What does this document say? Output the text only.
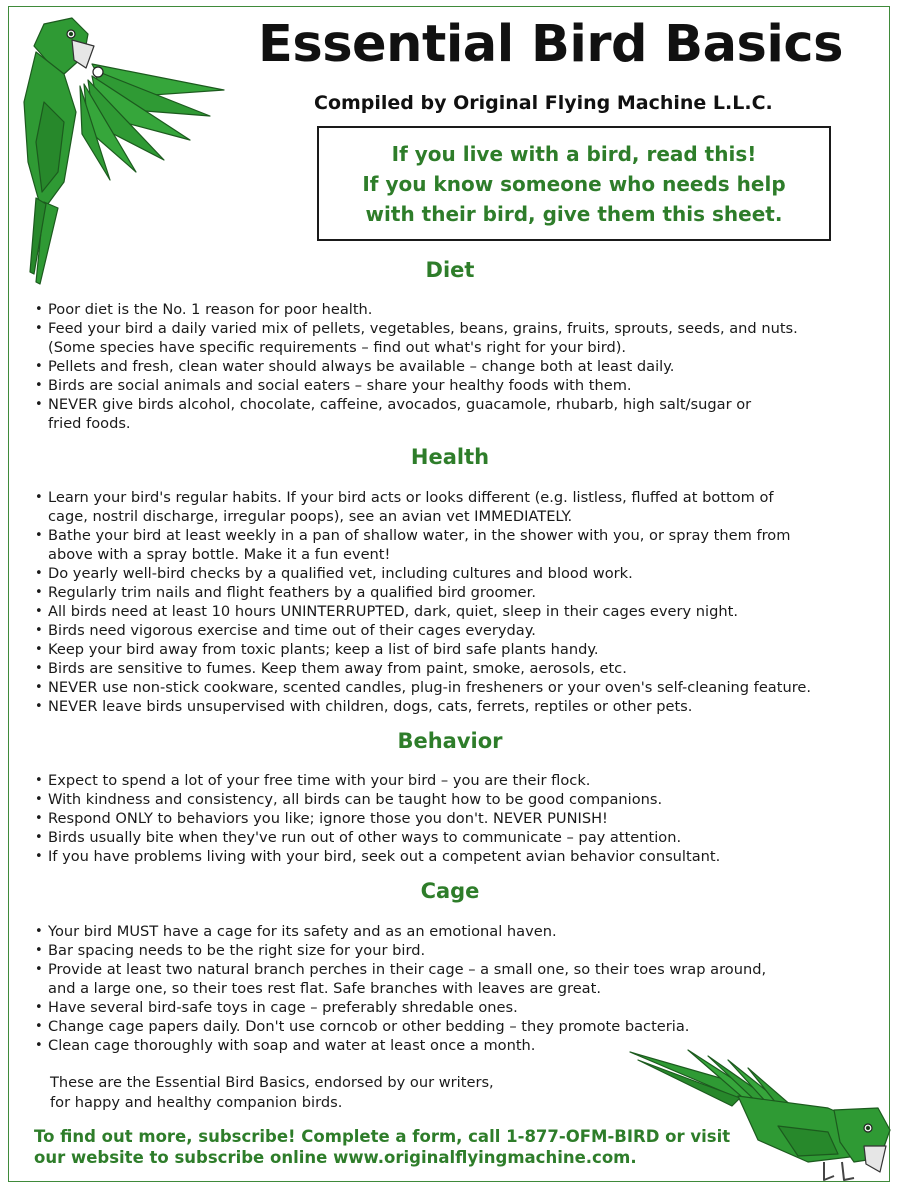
Essential Bird Basics
Compiled by Original Flying Machine L.L.C.
If you live with a bird, read this!
If you know someone who needs help
with their bird, give them this sheet.
Diet
• Poor diet is the No. 1 reason for poor health.
• Feed your bird a daily varied mix of pellets, vegetables, beans, grains, fruits, sprouts, seeds, and nuts. (Some species have specific requirements – find out what's right for your bird).
• Pellets and fresh, clean water should always be available – change both at least daily.
• Birds are social animals and social eaters – share your healthy foods with them.
• NEVER give birds alcohol, chocolate, caffeine, avocados, guacamole, rhubarb, high salt/sugar or fried foods.
Health
• Learn your bird's regular habits. If your bird acts or looks different (e.g. listless, fluffed at bottom of cage, nostril discharge, irregular poops), see an avian vet IMMEDIATELY.
• Bathe your bird at least weekly in a pan of shallow water, in the shower with you, or spray them from above with a spray bottle. Make it a fun event!
• Do yearly well-bird checks by a qualified vet, including cultures and blood work.
• Regularly trim nails and flight feathers by a qualified bird groomer.
• All birds need at least 10 hours UNINTERRUPTED, dark, quiet, sleep in their cages every night.
• Birds need vigorous exercise and time out of their cages everyday.
• Keep your bird away from toxic plants; keep a list of bird safe plants handy.
• Birds are sensitive to fumes. Keep them away from paint, smoke, aerosols, etc.
• NEVER use non-stick cookware, scented candles, plug-in fresheners or your oven's self-cleaning feature.
• NEVER leave birds unsupervised with children, dogs, cats, ferrets, reptiles or other pets.
Behavior
• Expect to spend a lot of your free time with your bird – you are their flock.
• With kindness and consistency, all birds can be taught how to be good companions.
• Respond ONLY to behaviors you like; ignore those you don't. NEVER PUNISH!
• Birds usually bite when they've run out of other ways to communicate – pay attention.
• If you have problems living with your bird, seek out a competent avian behavior consultant.
Cage
• Your bird MUST have a cage for its safety and as an emotional haven.
• Bar spacing needs to be the right size for your bird.
• Provide at least two natural branch perches in their cage – a small one, so their toes wrap around, and a large one, so their toes rest flat. Safe branches with leaves are great.
• Have several bird-safe toys in cage – preferably shredable ones.
• Change cage papers daily. Don't use corncob or other bedding – they promote bacteria.
• Clean cage thoroughly with soap and water at least once a month.
These are the Essential Bird Basics, endorsed by our writers,
for happy and healthy companion birds.
To find out more, subscribe! Complete a form, call 1-877-OFM-BIRD or visit
our website to subscribe online www.originalflyingmachine.com.
